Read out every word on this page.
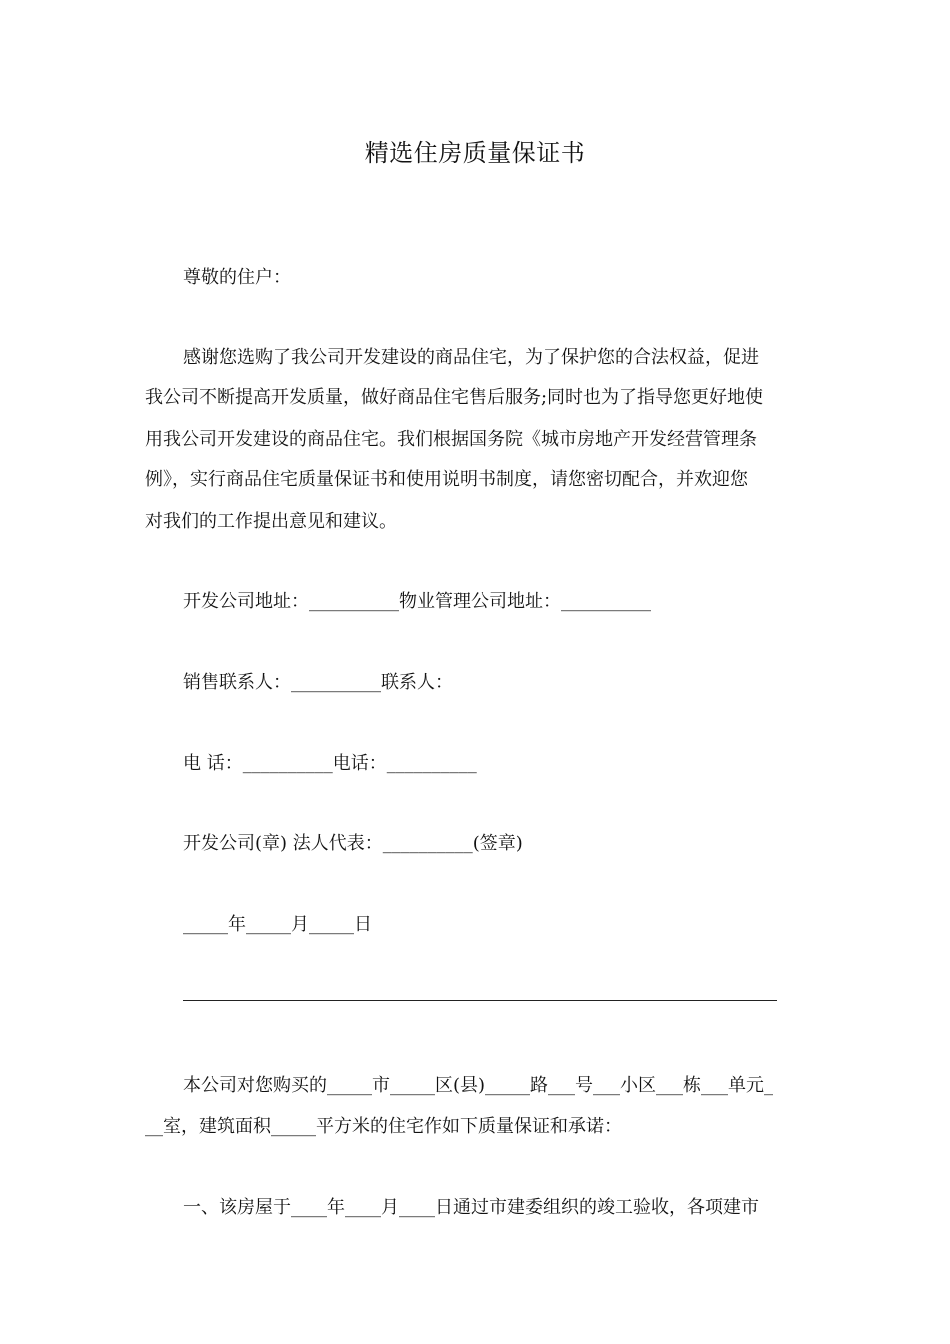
精选住房质量保证书
尊敬的住户：
感谢您选购了我公司开发建设的商品住宅，为了保护您的合法权益，促进
我公司不断提高开发质量，做好商品住宅售后服务;同时也为了指导您更好地使
用我公司开发建设的商品住宅。我们根据国务院《城市房地产开发经营管理条
例》，实行商品住宅质量保证书和使用说明书制度，请您密切配合，并欢迎您
对我们的工作提出意见和建议。
开发公司地址：__________物业管理公司地址：__________
销售联系人：__________联系人：
电 话：__________电话：__________
开发公司(章) 法人代表：__________(签章)
_____年_____月_____日
本公司对您购买的_____市_____区(县)_____路___号___小区___栋___单元_
__室，建筑面积_____平方米的住宅作如下质量保证和承诺：
一、该房屋于____年____月____日通过市建委组织的竣工验收，各项建市
